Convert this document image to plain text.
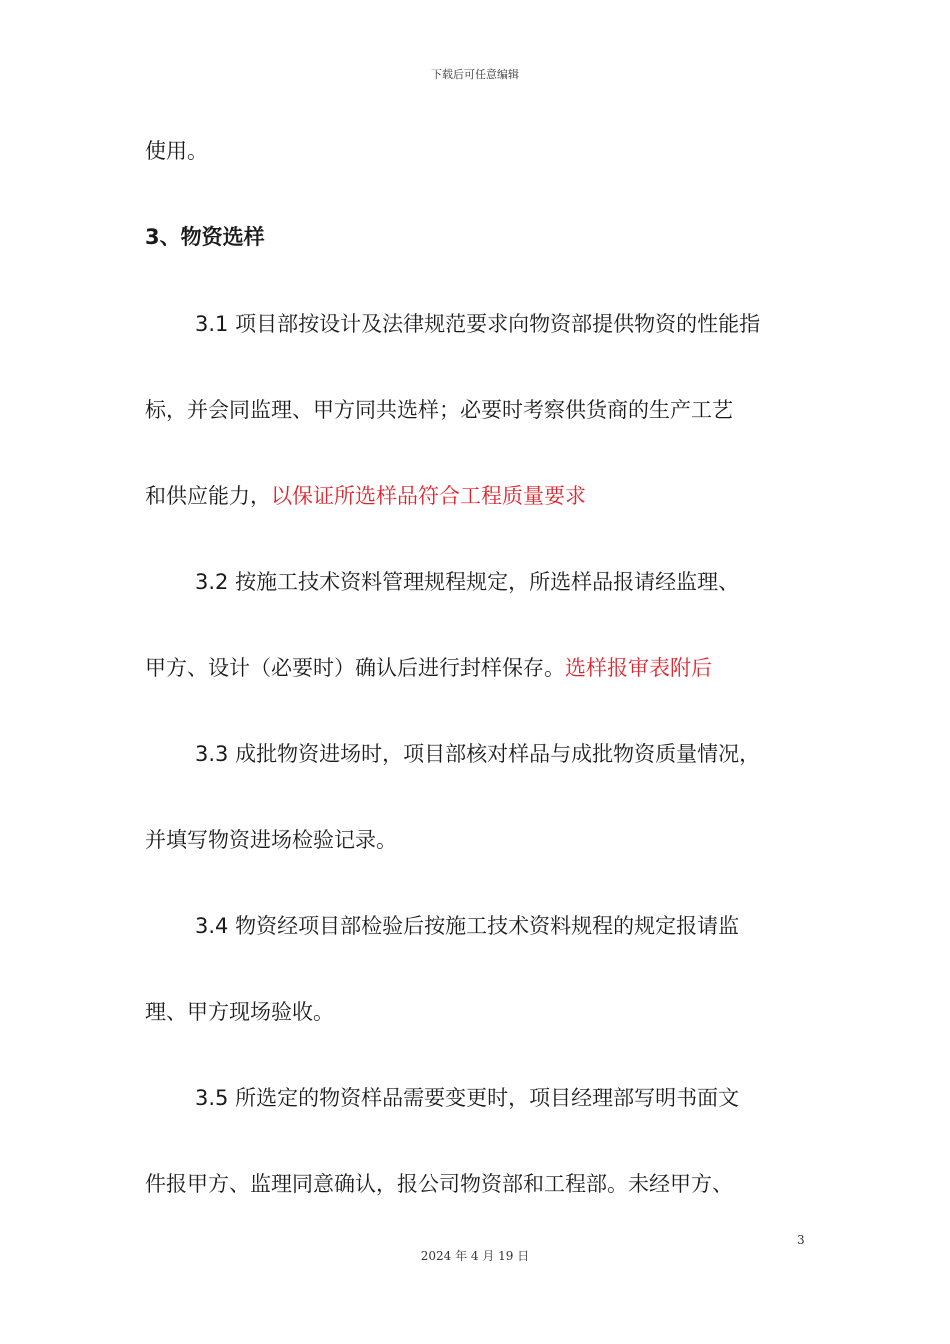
下载后可任意编辑
使用。
3、物资选样
3.1 项目部按设计及法律规范要求向物资部提供物资的性能指
标，并会同监理、甲方同共选样；必要时考察供货商的生产工艺
和供应能力，以保证所选样品符合工程质量要求
3.2 按施工技术资料管理规程规定，所选样品报请经监理、
甲方、设计（必要时）确认后进行封样保存。选样报审表附后
3.3 成批物资进场时，项目部核对样品与成批物资质量情况，
并填写物资进场检验记录。
3.4 物资经项目部检验后按施工技术资料规程的规定报请监
理、甲方现场验收。
3.5 所选定的物资样品需要变更时，项目经理部写明书面文
件报甲方、监理同意确认，报公司物资部和工程部。未经甲方、
3
2024 年 4 月 19 日
